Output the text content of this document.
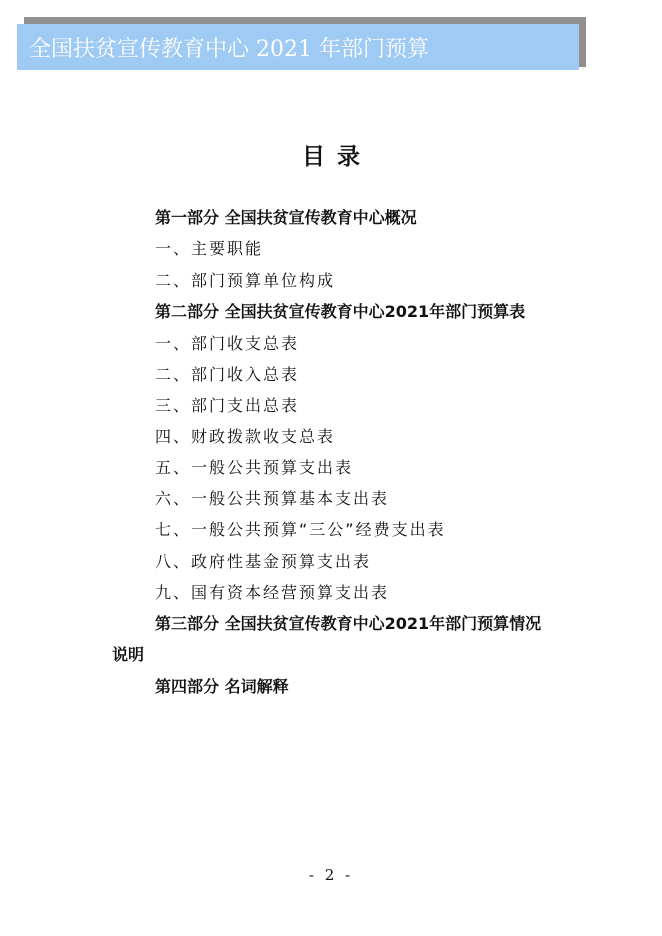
全国扶贫宣传教育中心 2021 年部门预算
目录
第一部分 全国扶贫宣传教育中心概况
一、主要职能
二、部门预算单位构成
第二部分 全国扶贫宣传教育中心2021年部门预算表
一、部门收支总表
二、部门收入总表
三、部门支出总表
四、财政拨款收支总表
五、一般公共预算支出表
六、一般公共预算基本支出表
七、一般公共预算“三公”经费支出表
八、政府性基金预算支出表
九、国有资本经营预算支出表
第三部分 全国扶贫宣传教育中心2021年部门预算情况
说明
第四部分 名词解释
- 2 -
